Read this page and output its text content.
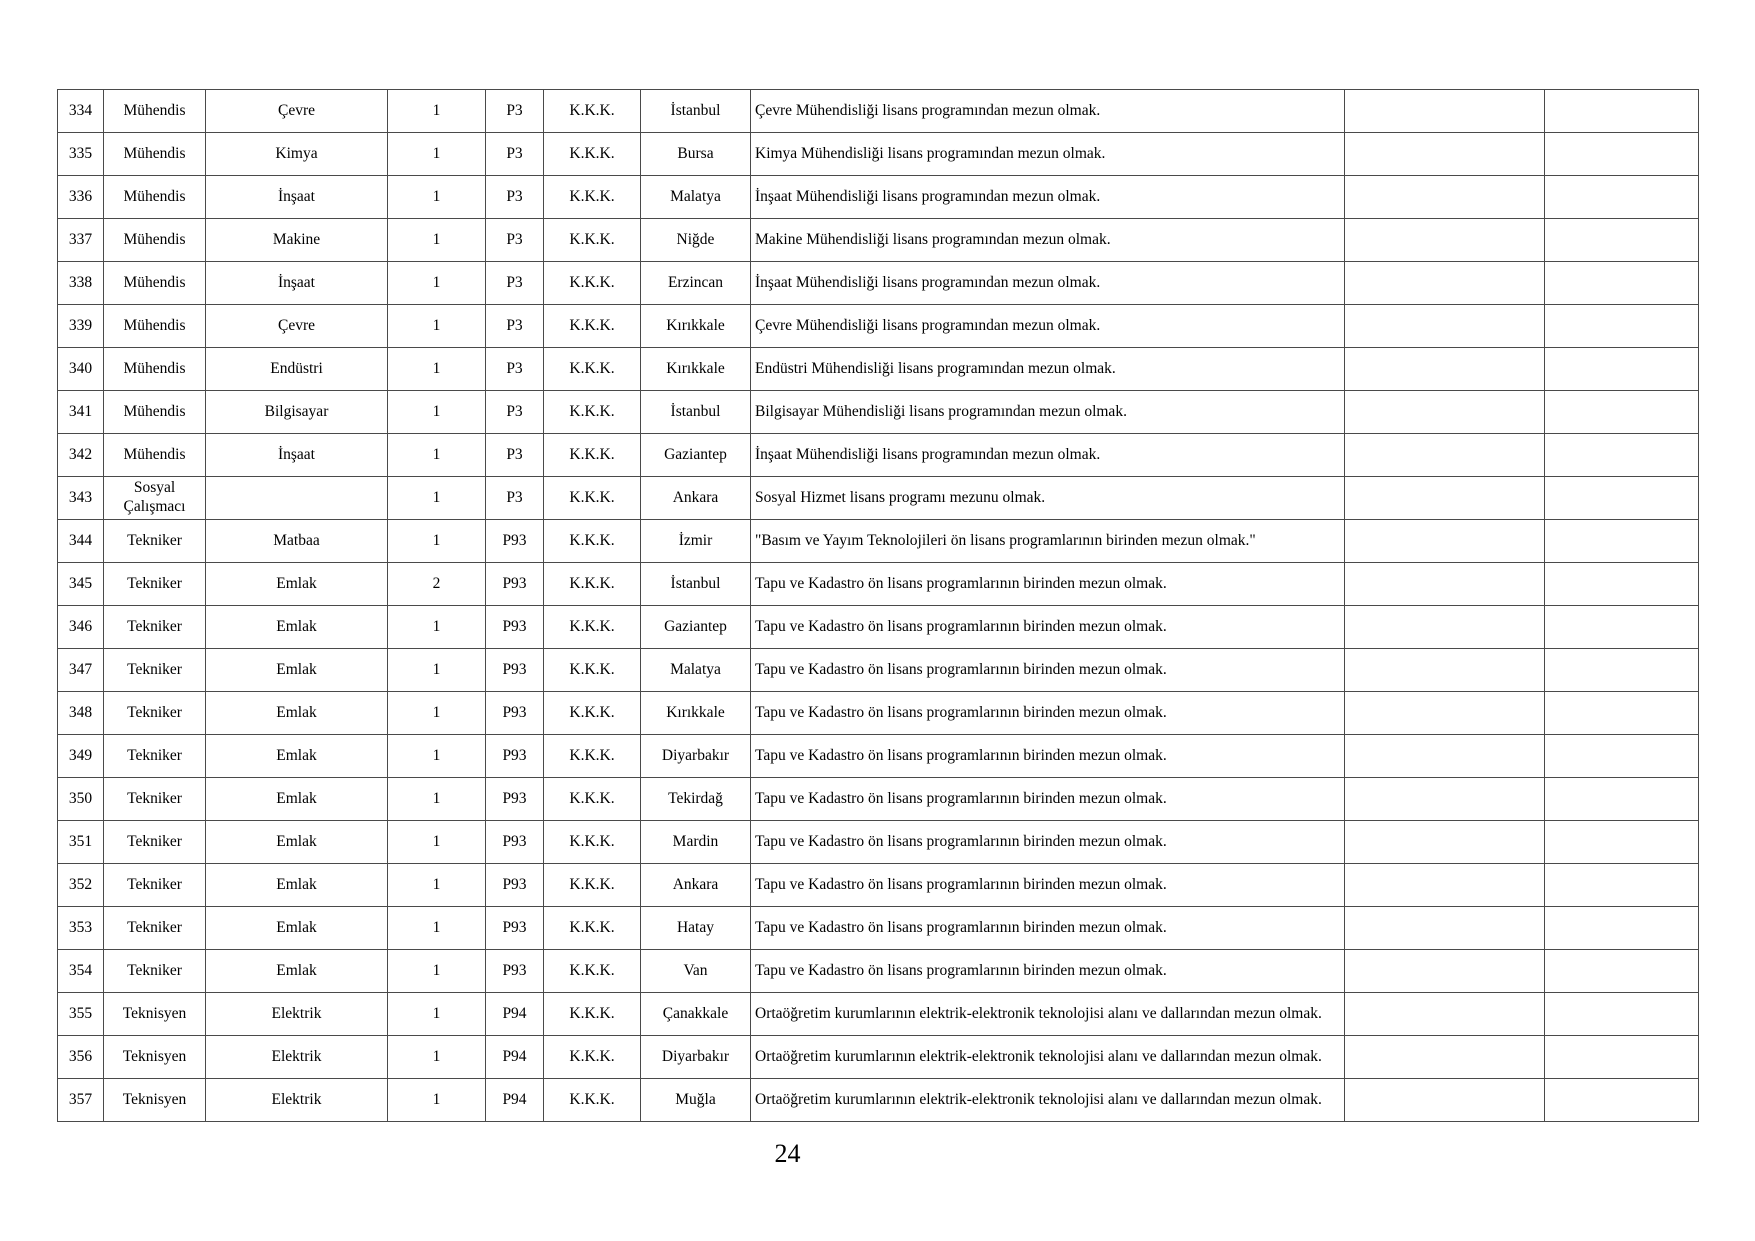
334	Mühendis	Çevre	1	P3	K.K.K.	İstanbul	Çevre Mühendisliği lisans programından mezun olmak.		
335	Mühendis	Kimya	1	P3	K.K.K.	Bursa	Kimya Mühendisliği lisans programından mezun olmak.		
336	Mühendis	İnşaat	1	P3	K.K.K.	Malatya	İnşaat Mühendisliği lisans programından mezun olmak.		
337	Mühendis	Makine	1	P3	K.K.K.	Niğde	Makine Mühendisliği lisans programından mezun olmak.		
338	Mühendis	İnşaat	1	P3	K.K.K.	Erzincan	İnşaat Mühendisliği lisans programından mezun olmak.		
339	Mühendis	Çevre	1	P3	K.K.K.	Kırıkkale	Çevre Mühendisliği lisans programından mezun olmak.		
340	Mühendis	Endüstri	1	P3	K.K.K.	Kırıkkale	Endüstri Mühendisliği lisans programından mezun olmak.		
341	Mühendis	Bilgisayar	1	P3	K.K.K.	İstanbul	Bilgisayar Mühendisliği lisans programından mezun olmak.		
342	Mühendis	İnşaat	1	P3	K.K.K.	Gaziantep	İnşaat Mühendisliği lisans programından mezun olmak.		
343	Sosyal Çalışmacı		1	P3	K.K.K.	Ankara	Sosyal Hizmet lisans programı mezunu olmak.		
344	Tekniker	Matbaa	1	P93	K.K.K.	İzmir	"Basım ve Yayım Teknolojileri ön lisans programlarının birinden mezun olmak."		
345	Tekniker	Emlak	2	P93	K.K.K.	İstanbul	Tapu ve Kadastro ön lisans programlarının birinden mezun olmak.		
346	Tekniker	Emlak	1	P93	K.K.K.	Gaziantep	Tapu ve Kadastro ön lisans programlarının birinden mezun olmak.		
347	Tekniker	Emlak	1	P93	K.K.K.	Malatya	Tapu ve Kadastro ön lisans programlarının birinden mezun olmak.		
348	Tekniker	Emlak	1	P93	K.K.K.	Kırıkkale	Tapu ve Kadastro ön lisans programlarının birinden mezun olmak.		
349	Tekniker	Emlak	1	P93	K.K.K.	Diyarbakır	Tapu ve Kadastro ön lisans programlarının birinden mezun olmak.		
350	Tekniker	Emlak	1	P93	K.K.K.	Tekirdağ	Tapu ve Kadastro ön lisans programlarının birinden mezun olmak.		
351	Tekniker	Emlak	1	P93	K.K.K.	Mardin	Tapu ve Kadastro ön lisans programlarının birinden mezun olmak.		
352	Tekniker	Emlak	1	P93	K.K.K.	Ankara	Tapu ve Kadastro ön lisans programlarının birinden mezun olmak.		
353	Tekniker	Emlak	1	P93	K.K.K.	Hatay	Tapu ve Kadastro ön lisans programlarının birinden mezun olmak.		
354	Tekniker	Emlak	1	P93	K.K.K.	Van	Tapu ve Kadastro ön lisans programlarının birinden mezun olmak.		
355	Teknisyen	Elektrik	1	P94	K.K.K.	Çanakkale	Ortaöğretim kurumlarının elektrik-elektronik teknolojisi alanı ve dallarından mezun olmak.		
356	Teknisyen	Elektrik	1	P94	K.K.K.	Diyarbakır	Ortaöğretim kurumlarının elektrik-elektronik teknolojisi alanı ve dallarından mezun olmak.		
357	Teknisyen	Elektrik	1	P94	K.K.K.	Muğla	Ortaöğretim kurumlarının elektrik-elektronik teknolojisi alanı ve dallarından mezun olmak.		
24
